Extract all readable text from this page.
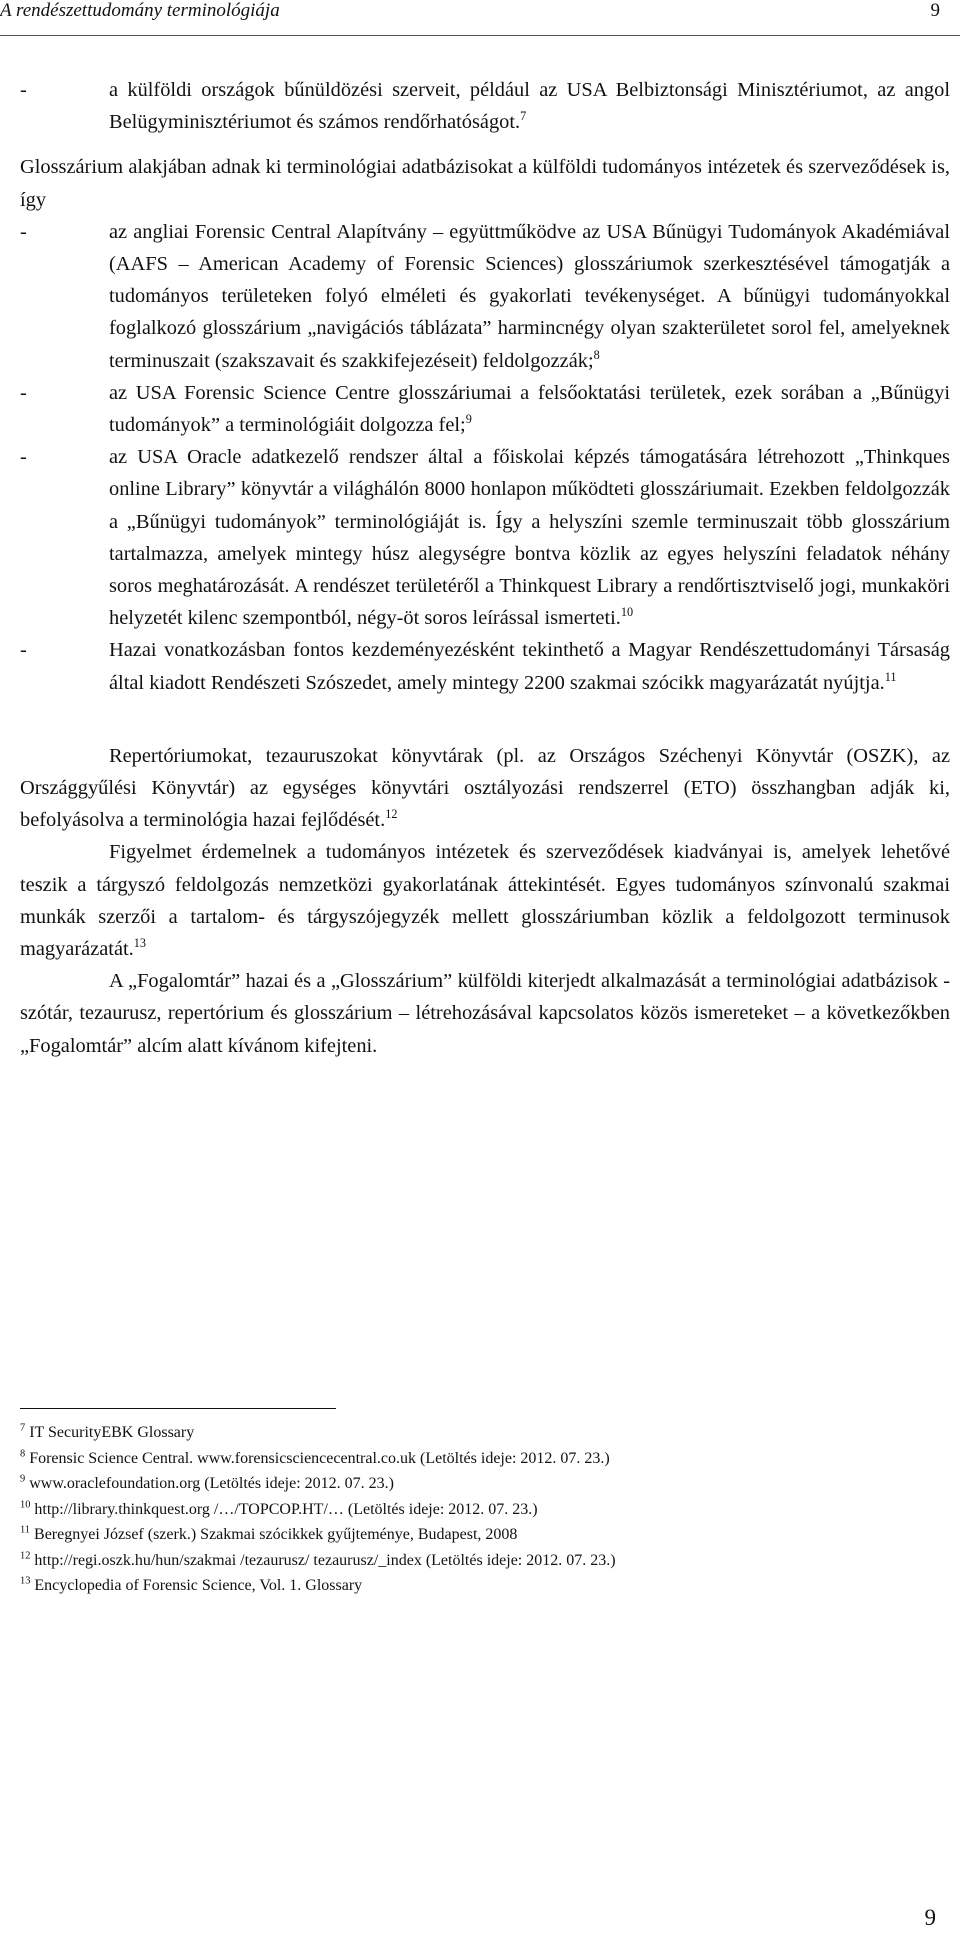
A rendészettudomány terminológiája	9
-	a külföldi országok bűnüldözési szerveit, például az USA Belbiztonsági Minisztériumot, az angol Belügyminisztériumot és számos rendőrhatóságot.$^7$

Glosszárium alakjában adnak ki terminológiai adatbázisokat a külföldi tudományos intézetek és szerveződések is, így

-	az angliai Forensic Central Alapítvány – együttműködve az USA Bűnügyi Tudományok Akadémiával (AAFS – American Academy of Forensic Sciences) glosszáriumok szerkesztésével támogatják a tudományos területeken folyó elméleti és gyakorlati tevékenységet. A bűnügyi tudományokkal foglalkozó glosszárium „navigációs táblázata” harmincnégy olyan szakterületet sorol fel, amelyeknek terminuszait (szakszavait és szakkifejezéseit) feldolgozzák;$^8$
-	az USA Forensic Science Centre glosszáriumai a felsőoktatási területek, ezek sorában a „Bűnügyi tudományok” a terminológiáit dolgozza fel;$^9$
-	az USA Oracle adatkezelő rendszer által a főiskolai képzés támogatására létrehozott „Thinkques online Library” könyvtár a világhálón 8000 honlapon működteti glosszáriumait. Ezekben feldolgozzák a „Bűnügyi tudományok” terminológiáját is. Így a helyszíni szemle terminuszait több glosszárium tartalmazza, amelyek mintegy húsz alegységre bontva közlik az egyes helyszíni feladatok néhány soros meghatározását. A rendészet területéről a Thinkquest Library a rendőrtisztviselő jogi, munkaköri helyzetét kilenc szempontból, négy-öt soros leírással ismerteti.$^{10}$
-	Hazai vonatkozásban fontos kezdeményezésként tekinthető a Magyar Rendészettudományi Társaság által kiadott Rendészeti Szószedet, amely mintegy 2200 szakmai szócikk magyarázatát nyújtja.$^{11}$

Repertóriumokat, tezauruszokat könyvtárak (pl. az Országos Széchenyi Könyvtár (OSZK), az Országgyűlési Könyvtár) az egységes könyvtári osztályozási rendszerrel (ETO) összhangban adják ki, befolyásolva a terminológia hazai fejlődését.$^{12}$

Figyelmet érdemelnek a tudományos intézetek és szerveződések kiadványai is, amelyek lehetővé teszik a tárgyszó feldolgozás nemzetközi gyakorlatának áttekintését. Egyes tudományos színvonalú szakmai munkák szerzői a tartalom- és tárgyszójegyzék mellett glosszáriumban közlik a feldolgozott terminusok magyarázatát.$^{13}$

A „Fogalomtár” hazai és a „Glosszárium” külföldi kiterjedt alkalmazását a terminológiai adatbázisok - szótár, tezaurusz, repertórium és glosszárium – létrehozásával kapcsolatos közös ismereteket – a következőkben „Fogalomtár” alcím alatt kívánom kifejteni.

$^7$ IT SecurityEBK Glossary
$^8$ Forensic Science Central. www.forensicsciencecentral.co.uk (Letöltés ideje: 2012. 07. 23.)
$^9$ www.oraclefoundation.org (Letöltés ideje: 2012. 07. 23.)
$^{10}$ http://library.thinkquest.org /…/TOPCOP.HT/… (Letöltés ideje: 2012. 07. 23.)
$^{11}$ Beregnyei József (szerk.) Szakmai szócikkek gyűjteménye, Budapest, 2008
$^{12}$ http://regi.oszk.hu/hun/szakmai /tezaurusz/ tezaurusz/_index (Letöltés ideje: 2012. 07. 23.)
$^{13}$ Encyclopedia of Forensic Science, Vol. 1. Glossary
9
